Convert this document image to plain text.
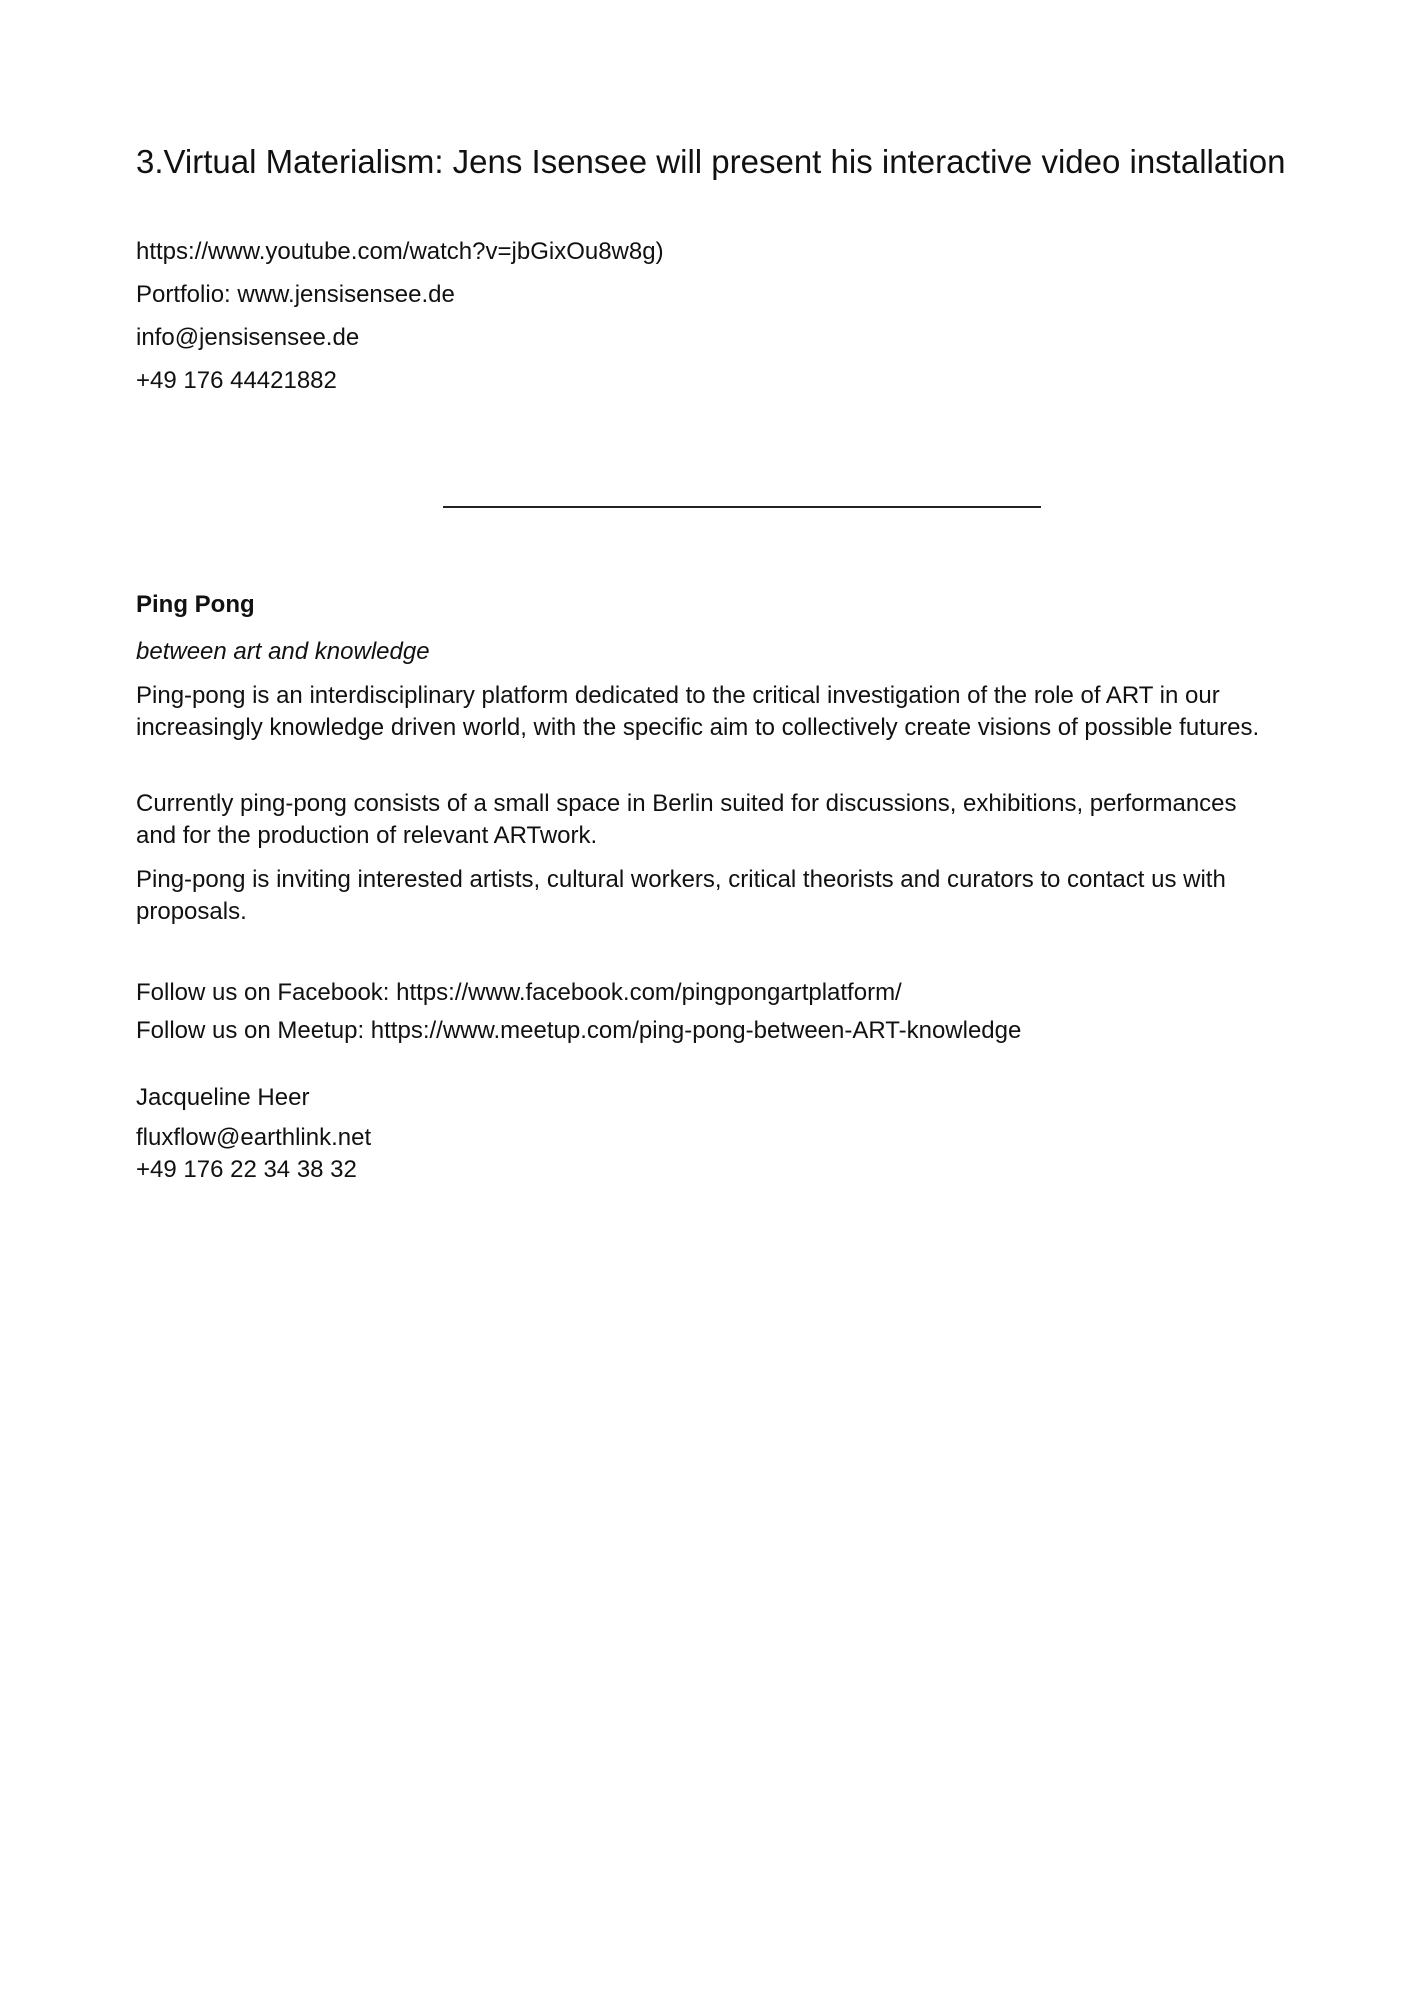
3.Virtual Materialism: Jens Isensee will present his interactive video installation
https://www.youtube.com/watch?v=jbGixOu8w8g)
Portfolio: www.jensisensee.de
info@jensisensee.de
+49 176 44421882
Ping Pong
between art and knowledge

Ping-pong is an interdisciplinary platform dedicated to the critical investigation of the role of ART in our increasingly knowledge driven world, with the specific aim to collectively create visions of possible futures.

Currently ping-pong consists of a small space in Berlin suited for discussions, exhibitions, performances and for the production of relevant ARTwork.

Ping-pong is inviting interested artists, cultural workers, critical theorists and curators to contact us with proposals.

Follow us on Facebook: https://www.facebook.com/pingpongartplatform/
Follow us on Meetup: https://www.meetup.com/ping-pong-between-ART-knowledge
Jacqueline Heer
fluxflow@earthlink.net
+49 176 22 34 38 32
